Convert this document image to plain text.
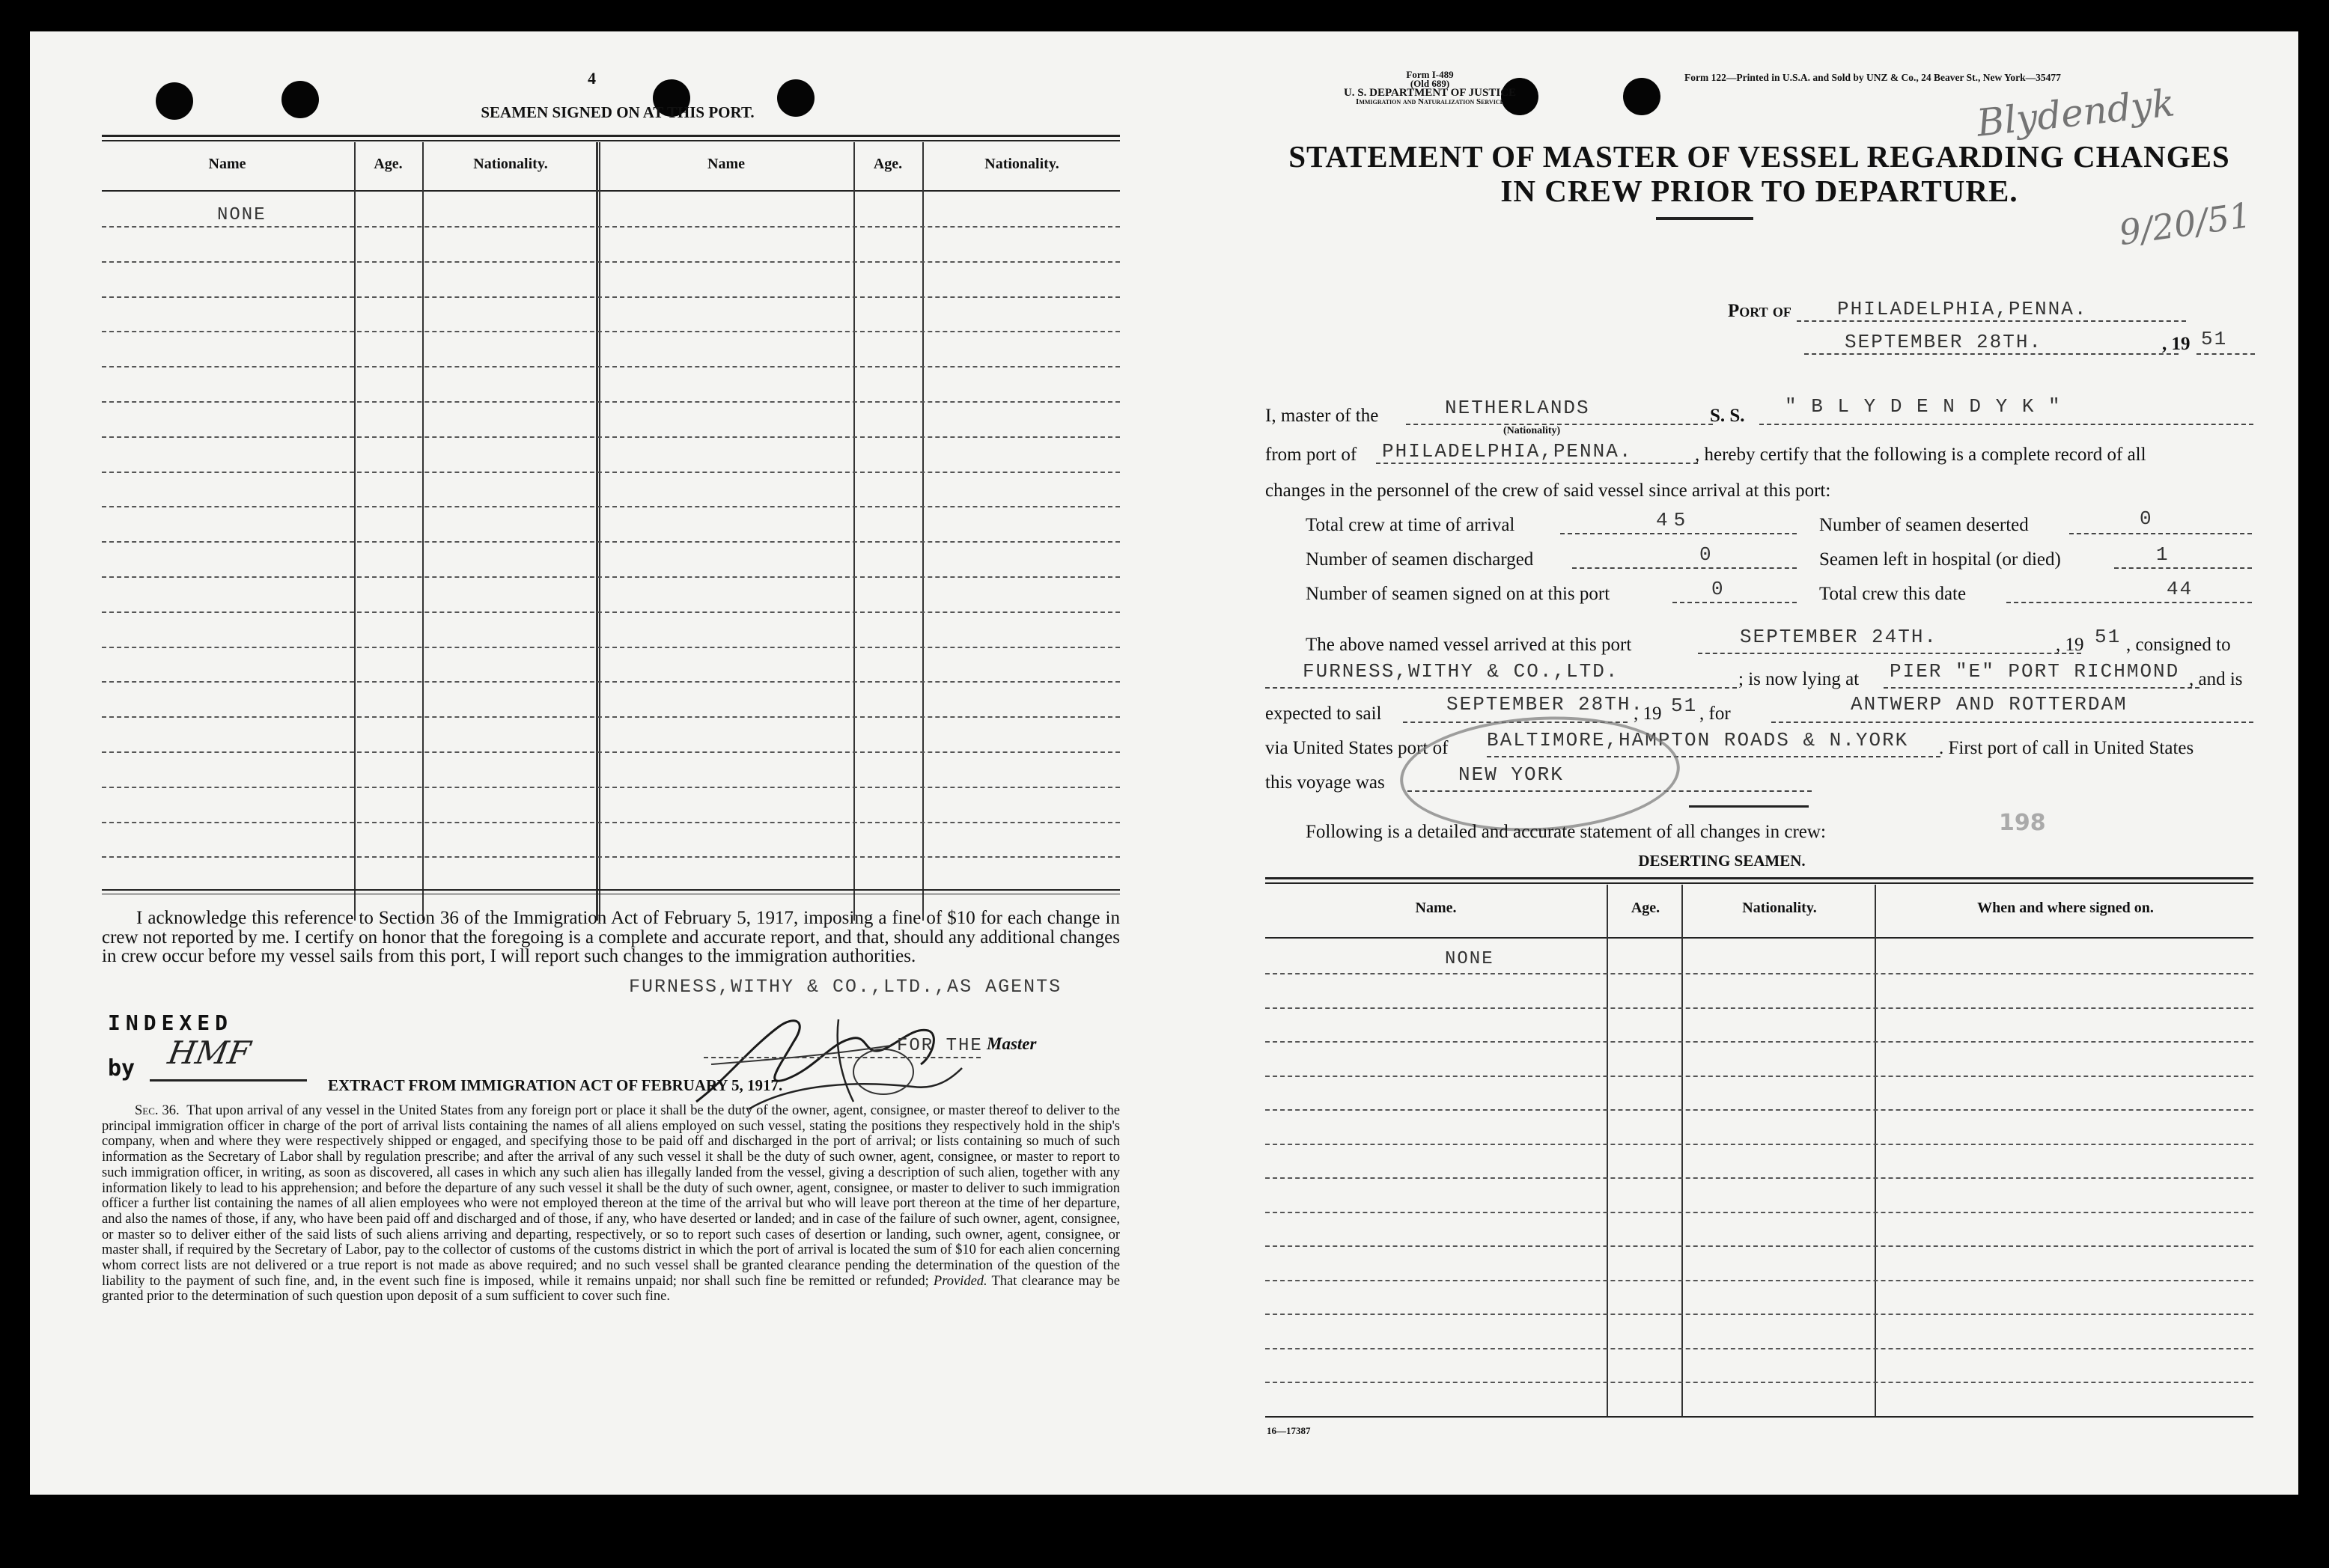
4
SEAMEN SIGNED ON AT THIS PORT.
Name	Age.	Nationality.	Name	Age.	Nationality.
NONE
I acknowledge this reference to Section 36 of the Immigration Act of February 5, 1917, imposing a fine of $10 for each change in crew not reported by me. I certify on honor that the foregoing is a complete and accurate report, and that, should any additional changes in crew occur before my vessel sails from this port, I will report such changes to the immigration authorities.
FURNESS,WITHY & CO.,LTD.,AS AGENTS
FOR THE Master
INDEXED
by HMF
EXTRACT FROM IMMIGRATION ACT OF FEBRUARY 5, 1917.
Sec. 36. That upon arrival of any vessel in the United States from any foreign port or place it shall be the duty of the owner, agent, consignee, or master thereof to deliver to the principal immigration officer in charge of the port of arrival lists containing the names of all aliens employed on such vessel, stating the positions they respectively hold in the ship's company, when and where they were respectively shipped or engaged, and specifying those to be paid off and discharged in the port of arrival; or lists containing so much of such information as the Secretary of Labor shall by regulation prescribe; and after the arrival of any such vessel it shall be the duty of such owner, agent, consignee, or master to report to such immigration officer, in writing, as soon as discovered, all cases in which any such alien has illegally landed from the vessel, giving a description of such alien, together with any information likely to lead to his apprehension; and before the departure of any such vessel it shall be the duty of such owner, agent, consignee, or master to deliver to such immigration officer a further list containing the names of all alien employees who were not employed thereon at the time of the arrival but who will leave port thereon at the time of her departure, and also the names of those, if any, who have been paid off and discharged and of those, if any, who have deserted or landed; and in case of the failure of such owner, agent, consignee, or master so to deliver either of the said lists of such aliens arriving and departing, respectively, or so to report such cases of desertion or landing, such owner, agent, consignee, or master shall, if required by the Secretary of Labor, pay to the collector of customs of the customs district in which the port of arrival is located the sum of $10 for each alien concerning whom correct lists are not delivered or a true report is not made as above required; and no such vessel shall be granted clearance pending the determination of the question of the liability to the payment of such fine, and, in the event such fine is imposed, while it remains unpaid; nor shall such fine be remitted or refunded; Provided. That clearance may be granted prior to the determination of such question upon deposit of a sum sufficient to cover such fine.
Form I-489
(Old 689)
U. S. DEPARTMENT OF JUSTICE
Immigration and Naturalization Service
Form 122—Printed in U.S.A. and Sold by UNZ & Co., 24 Beaver St., New York—35477
Blydendyk
9/20/51
STATEMENT OF MASTER OF VESSEL REGARDING CHANGES
IN CREW PRIOR TO DEPARTURE.
Port of PHILADELPHIA,PENNA.
SEPTEMBER 28TH.	, 19 51
I, master of the	NETHERLANDS
(Nationality)
S. S. " B L Y D E N D Y K "
from port of PHILADELPHIA,PENNA.	, hereby certify that the following is a complete record of all
changes in the personnel of the crew of said vessel since arrival at this port:
Total crew at time of arrival	45	Number of seamen deserted	0
Number of seamen discharged	0	Seamen left in hospital (or died)	1
Number of seamen signed on at this port	0	Total crew this date	44
The above named vessel arrived at this port	SEPTEMBER 24TH.	, 19 51 , consigned to
FURNESS,WITHY & CO.,LTD.	; is now lying at PIER "E" PORT RICHMOND , and is
expected to sail	SEPTEMBER 28TH.
, 19 51 , for	ANTWERP AND ROTTERDAM
via United States port of BALTIMORE,HAMPTON ROADS & N.YORK . First port of call in United States
this voyage was	NEW YORK
198
Following is a detailed and accurate statement of all changes in crew:
DESERTING SEAMEN.
Name.	Age.	Nationality.	When and where signed on.
NONE
16—17387
